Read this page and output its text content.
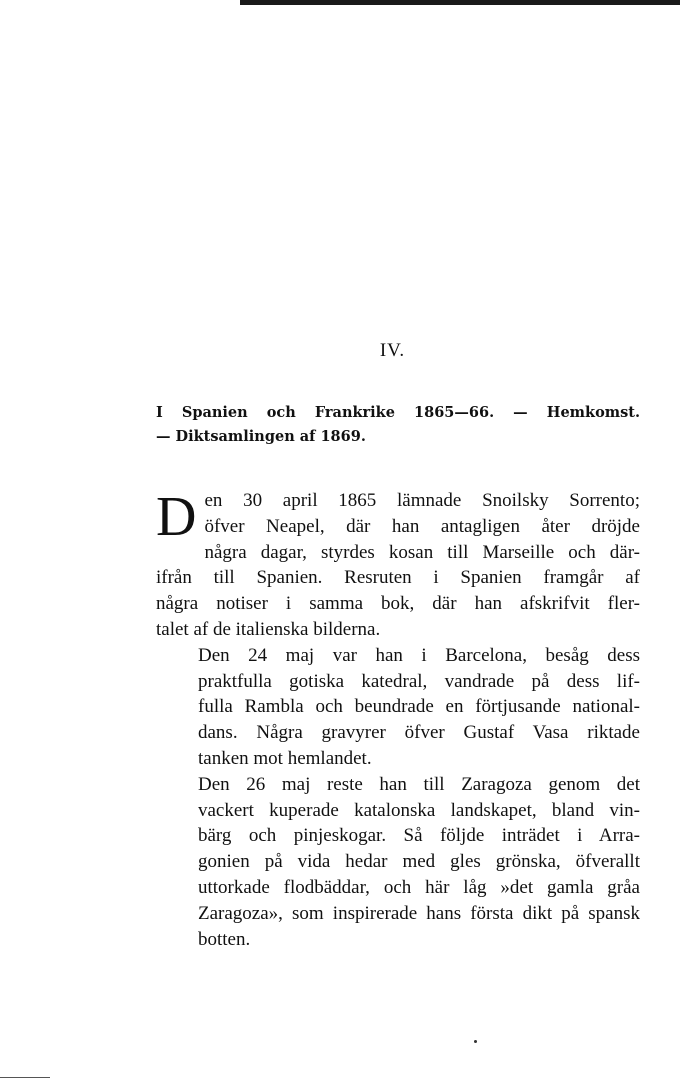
IV.
I Spanien och Frankrike 1865—66. — Hemkomst.
— Diktsamlingen af 1869.

D en 30 april 1865 lämnade Snoilsky Sorrento;
öfver Neapel, där han antagligen åter dröjde
några dagar, styrdes kosan till Marseille och där-
ifrån till Spanien. Resruten i Spanien framgår af
några notiser i samma bok, där han afskrifvit fler-
talet af de italienska bilderna.

Den 24 maj var han i Barcelona, besåg dess
praktfulla gotiska katedral, vandrade på dess lif-
fulla Rambla och beundrade en förtjusande national-
dans. Några gravyrer öfver Gustaf Vasa riktade
tanken mot hemlandet.

Den 26 maj reste han till Zaragoza genom det
vackert kuperade katalonska landskapet, bland vin-
bärg och pinjeskogar. Så följde inträdet i Arra-
gonien på vida hedar med gles grönska, öfverallt
uttorkade flodbäddar, och här låg »det gamla gråa
Zaragoza», som inspirerade hans första dikt på spansk
botten.
